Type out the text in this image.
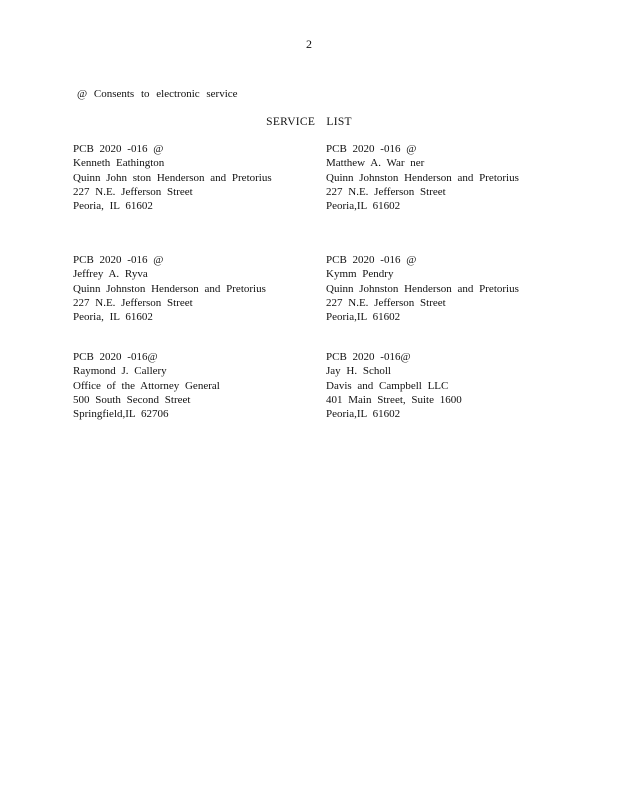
2
@ Consents to electronic service
SERVICE LIST
PCB 2020 -016 @
Kenneth Eathington
Quinn John ston Henderson and Pretorius
227 N.E. Jefferson Street
Peoria, IL 61602
PCB 2020 -016 @
Matthew A. War ner
Quinn Johnston Henderson and Pretorius
227 N.E. Jefferson Street
Peoria,IL 61602
PCB 2020 -016 @
Jeffrey A. Ryva
Quinn Johnston Henderson and Pretorius
227 N.E. Jefferson Street
Peoria, IL 61602
PCB 2020 -016 @
Kymm Pendry
Quinn Johnston Henderson and Pretorius
227 N.E. Jefferson Street
Peoria,IL 61602
PCB 2020 -016@
Raymond J. Callery
Office of the Attorney General
500 South Second Street
Springfield,IL 62706
PCB 2020 -016@
Jay H. Scholl
Davis and Campbell LLC
401 Main Street, Suite 1600
Peoria,IL 61602
